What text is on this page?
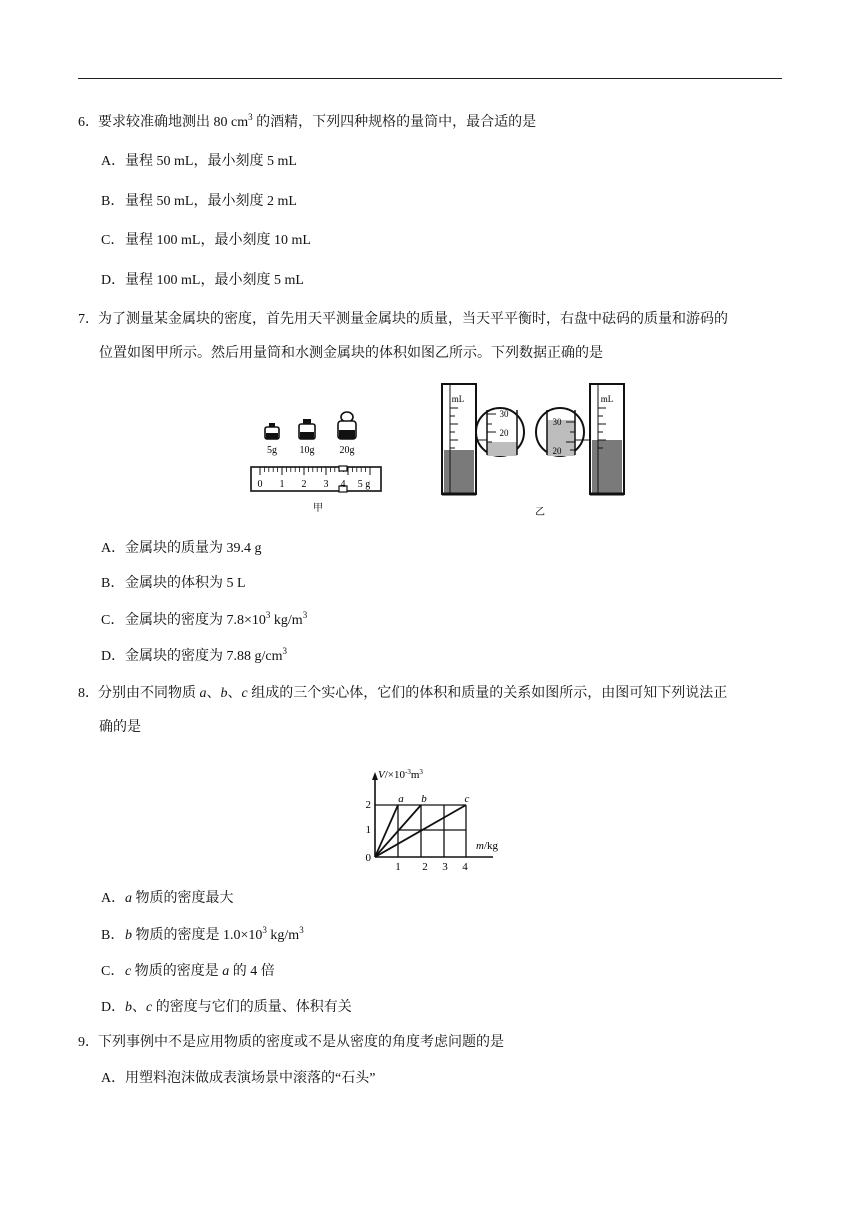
6．要求较准确地测出 80 $cm^3$ 的酒精，下列四种规格的量筒中，最合适的是
A．量程 50 mL，最小刻度 5 mL
B．量程 50 mL，最小刻度 2 mL
C．量程 100 mL，最小刻度 10 mL
D．量程 100 mL，最小刻度 5 mL
7．为了测量某金属块的密度，首先用天平测量金属块的质量，当天平平衡时，右盘中砝码的质量和游码的
位置如图甲所示。然后用量筒和水测金属块的体积如图乙所示。下列数据正确的是
5g 10g	20g
0 1 2 3 4 5 g
甲
mL
30
20
30
20
mL
乙
A．金属块的质量为 39.4 g
B．金属块的体积为 5 L
C．金属块的密度为 $7.8\times 10^3$ $kg/m^3$
D．金属块的密度为 7.88 $g/cm^3$
8．分别由不同物质 a、b、c 组成的三个实心体，它们的体积和质量的关系如图所示，由图可知下列说法正
确的是
$V/\times 10^{-3}m^3$
m/kg
a b	c
2
1
0
1 2 3 4
A．a 物质的密度最大
B．b 物质的密度是 $1.0\times 10^3$ $kg/m^3$
C．c 物质的密度是 a 的 4 倍
D．b、c 的密度与它们的质量、体积有关
9．下列事例中不是应用物质的密度或不是从密度的角度考虑问题的是
A．用塑料泡沫做成表演场景中滚落的“石头”
